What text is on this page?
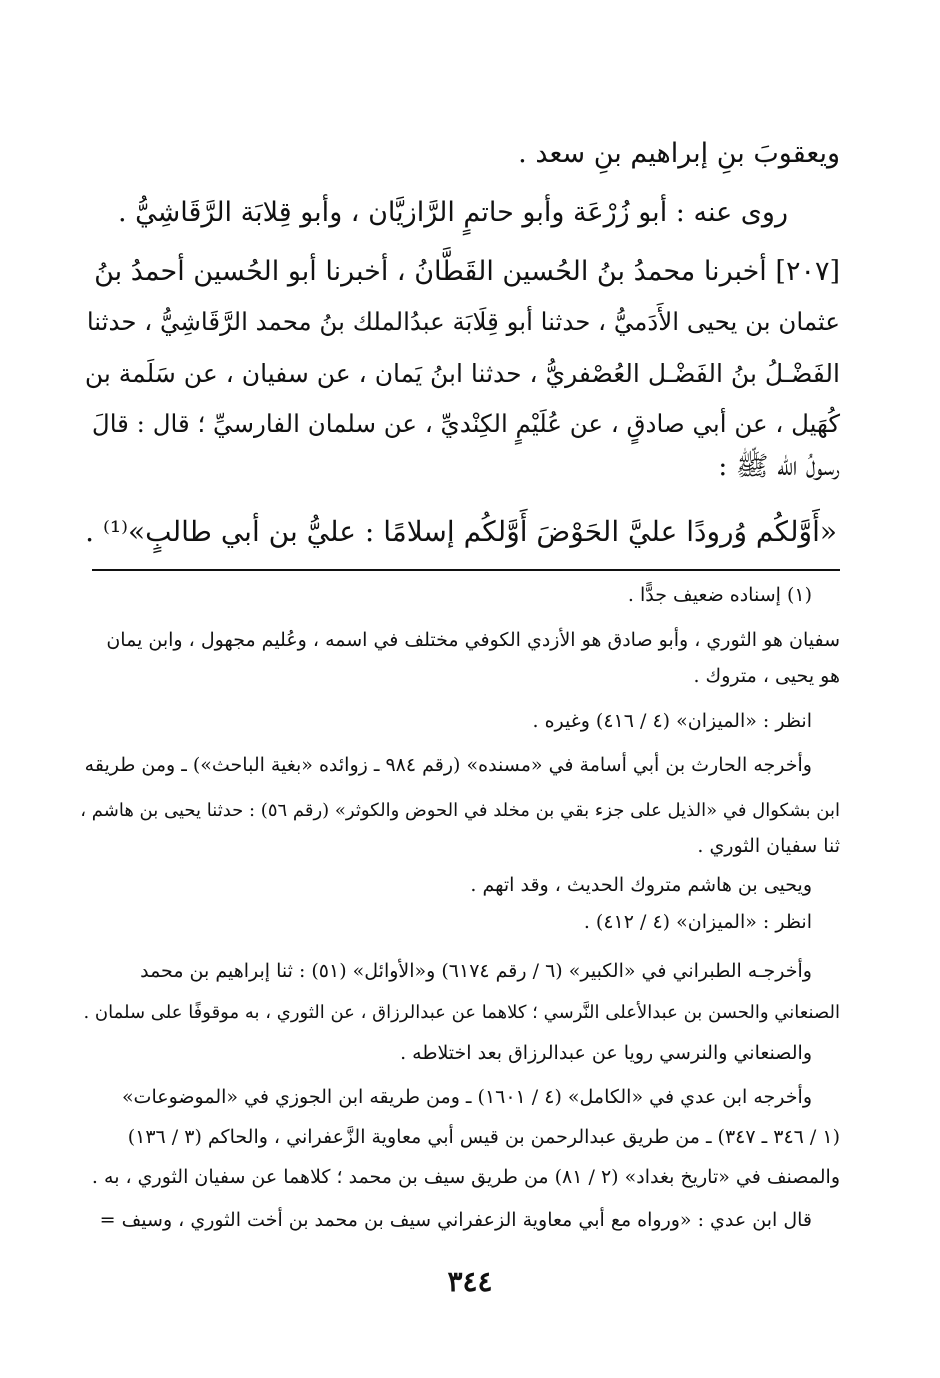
ويعقوبَ بنِ إبراهيم بنِ سعد .
روى عنه : أبو زُرْعَة وأبو حاتمٍ الرَّازيَّان ، وأبو قِلابَة الرَّقَاشِيُّ .
[٢٠٧] أخبرنا محمدُ بنُ الحُسين القَطَّانُ ، أخبرنا أبو الحُسين أحمدُ بنُ
عثمان بن يحيى الأَدَميُّ ، حدثنا أبو قِلَابَة عبدُالملك بنُ محمد الرَّقَاشِيُّ ، حدثنا
الفَضْـلُ بنُ الفَضْـل العُصْفريُّ ، حدثنا ابنُ يَمان ، عن سفيان ، عن سَلَمة بن
كُهَيل ، عن أبي صادقٍ ، عن عُلَيْمٍ الكِنْديِّ ، عن سلمان الفارسيِّ ؛ قال : قالَ
رسولُ الله ﷺ :
«أَوَّلكُم وُرودًا عليَّ الحَوْضَ أَوَّلكُم إسلامًا : عليُّ بن أبي طالبٍ»⁽¹⁾ .
(١) إسناده ضعيف جدًّا .
سفيان هو الثوري ، وأبو صادق هو الأزدي الكوفي مختلف في اسمه ، وعُليم مجهول ، وابن يمان
هو يحيى ، متروك .
انظر : «الميزان» (٤ / ٤١٦) وغيره .
وأخرجه الحارث بن أبي أسامة في «مسنده» (رقم ٩٨٤ ـ زوائده «بغية الباحث») ـ ومن طريقه
ابن بشكوال في «الذيل على جزء بقي بن مخلد في الحوض والكوثر» (رقم ٥٦) : حدثنا يحيى بن هاشم ،
ثنا سفيان الثوري .
ويحيى بن هاشم متروك الحديث ، وقد اتهم .
انظر : «الميزان» (٤ / ٤١٢) .
وأخرجـه الطبراني في «الكبير» (٦ / رقم ٦١٧٤) و«الأوائل» (٥١) : ثنا إبراهيم بن محمد
الصنعاني والحسن بن عبدالأعلى النَّرسي ؛ كلاهما عن عبدالرزاق ، عن الثوري ، به موقوفًا على سلمان .
والصنعاني والنرسي رويا عن عبدالرزاق بعد اختلاطه .
وأخرجه ابن عدي في «الكامل» (٤ / ١٦٠١) ـ ومن طريقه ابن الجوزي في «الموضوعات»
(١ / ٣٤٦ ـ ٣٤٧) ـ من طريق عبدالرحمن بن قيس أبي معاوية الزَّعفراني ، والحاكم (٣ / ١٣٦)
والمصنف في «تاريخ بغداد» (٢ / ٨١) من طريق سيف بن محمد ؛ كلاهما عن سفيان الثوري ، به .
قال ابن عدي : «ورواه مع أبي معاوية الزعفراني سيف بن محمد بن أخت الثوري ، وسيف =
٣٤٤
